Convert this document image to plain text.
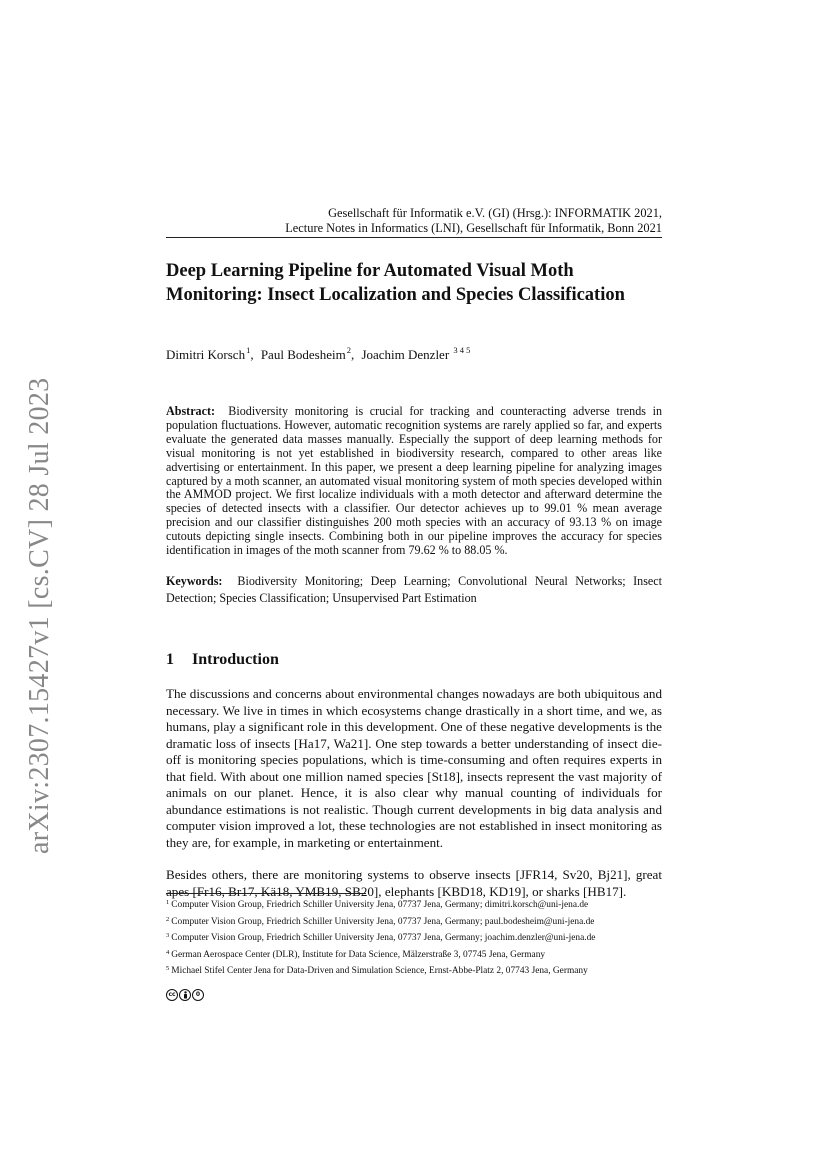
arXiv:2307.15427v1 [cs.CV] 28 Jul 2023
Gesellschaft für Informatik e.V. (GI) (Hrsg.): INFORMATIK 2021,
Lecture Notes in Informatics (LNI), Gesellschaft für Informatik, Bonn 2021
Deep Learning Pipeline for Automated Visual Moth
Monitoring: Insect Localization and Species Classification
Dimitri Korsch$^1$, Paul Bodesheim$^2$, Joachim Denzler $^{3 4 5}$
Abstract: Biodiversity monitoring is crucial for tracking and counteracting adverse trends in population fluctuations. However, automatic recognition systems are rarely applied so far, and experts evaluate the generated data masses manually. Especially the support of deep learning methods for visual monitoring is not yet established in biodiversity research, compared to other areas like advertising or entertainment. In this paper, we present a deep learning pipeline for analyzing images captured by a moth scanner, an automated visual monitoring system of moth species developed within the AMMOD project. We first localize individuals with a moth detector and afterward determine the species of detected insects with a classifier. Our detector achieves up to 99.01 % mean average precision and our classifier distinguishes 200 moth species with an accuracy of 93.13 % on image cutouts depicting single insects. Combining both in our pipeline improves the accuracy for species identification in images of the moth scanner from 79.62 % to 88.05 %.
Keywords: Biodiversity Monitoring; Deep Learning; Convolutional Neural Networks; Insect Detection; Species Classification; Unsupervised Part Estimation
1 Introduction

The discussions and concerns about environmental changes nowadays are both ubiquitous and necessary. We live in times in which ecosystems change drastically in a short time, and we, as humans, play a significant role in this development. One of these negative developments is the dramatic loss of insects [Ha17, Wa21]. One step towards a better understanding of insect die-off is monitoring species populations, which is time-consuming and often requires experts in that field. With about one million named species [St18], insects represent the vast majority of animals on our planet. Hence, it is also clear why manual counting of individuals for abundance estimations is not realistic. Though current developments in big data analysis and computer vision improved a lot, these technologies are not established in insect monitoring as they are, for example, in marketing or entertainment.

Besides others, there are monitoring systems to observe insects [JFR14, Sv20, Bj21], great apes [Fr16, Br17, Kä18, YMB19, SB20], elephants [KBD18, KD19], or sharks [HB17].

$^1$ Computer Vision Group, Friedrich Schiller University Jena, 07737 Jena, Germany; dimitri.korsch@uni-jena.de
$^2$ Computer Vision Group, Friedrich Schiller University Jena, 07737 Jena, Germany; paul.bodesheim@uni-jena.de
$^3$ Computer Vision Group, Friedrich Schiller University Jena, 07737 Jena, Germany; joachim.denzler@uni-jena.de
$^4$ German Aerospace Center (DLR), Institute for Data Science, Mälzerstraße 3, 07745 Jena, Germany
$^5$ Michael Stifel Center Jena for Data-Driven and Simulation Science, Ernst-Abbe-Platz 2, 07743 Jena, Germany
cc	0
